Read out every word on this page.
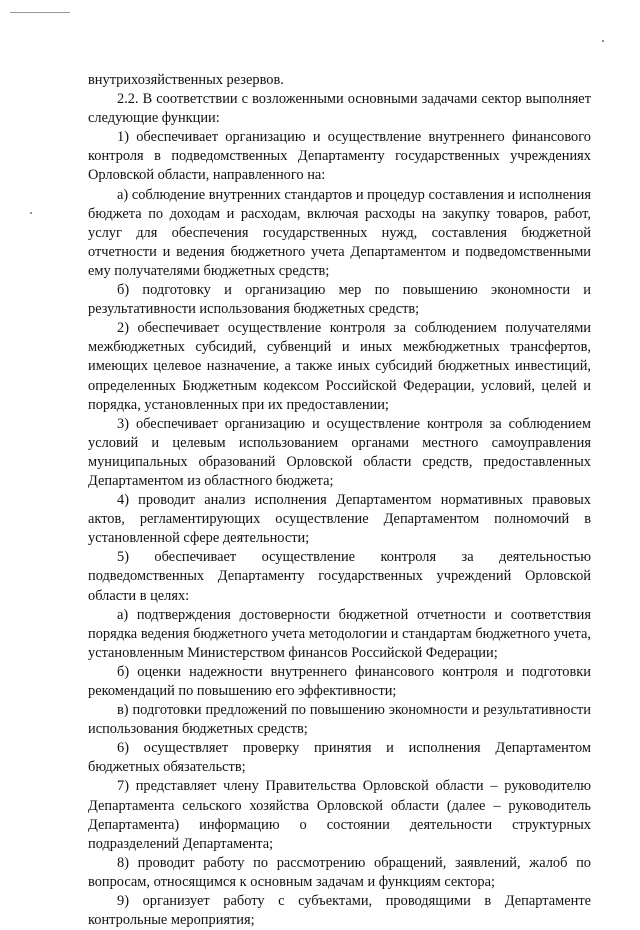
внутрихозяйственных резервов.

2.2. В соответствии с возложенными основными задачами сектор выполняет следующие функции:

1) обеспечивает организацию и осуществление внутреннего финансового контроля в подведомственных Департаменту государственных учреждениях Орловской области, направленного на:

а) соблюдение внутренних стандартов и процедур составления и исполнения бюджета по доходам и расходам, включая расходы на закупку товаров, работ, услуг для обеспечения государственных нужд, составления бюджетной отчетности и ведения бюджетного учета Департаментом и подведомственными ему получателями бюджетных средств;

б) подготовку и организацию мер по повышению экономности и результативности использования бюджетных средств;

2) обеспечивает осуществление контроля за соблюдением получателями межбюджетных субсидий, субвенций и иных межбюджетных трансфертов, имеющих целевое назначение, а также иных субсидий бюджетных инвестиций, определенных Бюджетным кодексом Российской Федерации, условий, целей и порядка, установленных при их предоставлении;

3) обеспечивает организацию и осуществление контроля за соблюдением условий и целевым использованием органами местного самоуправления муниципальных образований Орловской области средств, предоставленных Департаментом из областного бюджета;

4) проводит анализ исполнения Департаментом нормативных правовых актов, регламентирующих осуществление Департаментом полномочий в установленной сфере деятельности;

5) обеспечивает осуществление контроля за деятельностью подведомственных Департаменту государственных учреждений Орловской области в целях:

а) подтверждения достоверности бюджетной отчетности и соответствия порядка ведения бюджетного учета методологии и стандартам бюджетного учета, установленным Министерством финансов Российской Федерации;

б) оценки надежности внутреннего финансового контроля и подготовки рекомендаций по повышению его эффективности;

в) подготовки предложений по повышению экономности и результативности использования бюджетных средств;

6) осуществляет проверку принятия и исполнения Департаментом бюджетных обязательств;

7) представляет члену Правительства Орловской области – руководителю Департамента сельского хозяйства Орловской области (далее – руководитель Департамента) информацию о состоянии деятельности структурных подразделений Департамента;

8) проводит работу по рассмотрению обращений, заявлений, жалоб по вопросам, относящимся к основным задачам и функциям сектора;

9) организует работу с субъектами, проводящими в Департаменте контрольные мероприятия;
